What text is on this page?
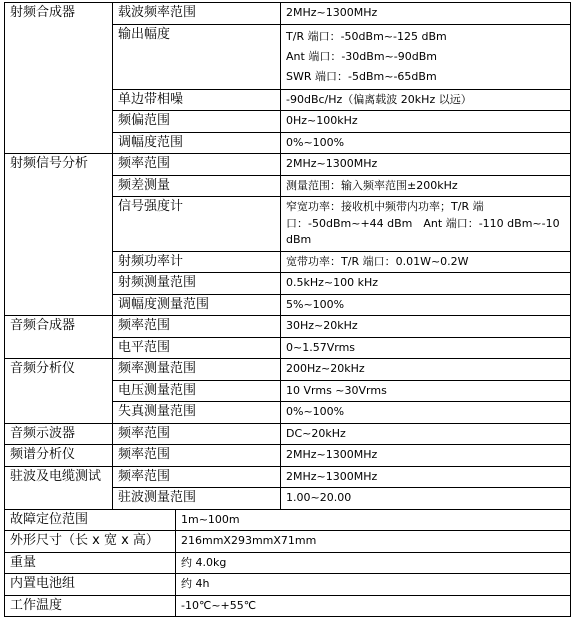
射频合成器	载波频率范围		2MHz~1300MHz

	输出幅度		T/R 端口：-50dBm~-125 dBm
Ant 端口：-30dBm~-90dBm
SWR 端口：-5dBm~-65dBm

	单边带相噪		-90dBc/Hz（偏离载波 20kHz 以远）

	频偏范围		0Hz~100kHz

	调幅度范围		0%~100%

射频信号分析	频率范围		2MHz~1300MHz

	频差测量		测量范围：输入频率范围±200kHz

	信号强度计		窄宽功率：接收机中频带内功率；T/R 端口：-50dBm~+44 dBm　Ant 端口：-110 dBm~-10 dBm

	射频功率计		宽带功率：T/R 端口：0.01W~0.2W

	射频测量范围		0.5kHz~100 kHz

	调幅度测量范围		5%~100%

音频合成器	频率范围		30Hz~20kHz

	电平范围		0~1.57Vrms

音频分析仪	频率测量范围		200Hz~20kHz

	电压测量范围		10 Vrms ~30Vrms

	失真测量范围		0%~100%

音频示波器	频率范围		DC~20kHz

频谱分析仪	频率范围		2MHz~1300MHz

驻波及电缆测试	频率范围		2MHz~1300MHz

	驻波测量范围		1.00~20.00

故障定位范围		1m~100m	
外形尺寸（长 x 宽 x 高）		216mmX293mmX71mm	
重量		约 4.0kg	
内置电池组		约 4h	
工作温度		-10℃~+55℃	
